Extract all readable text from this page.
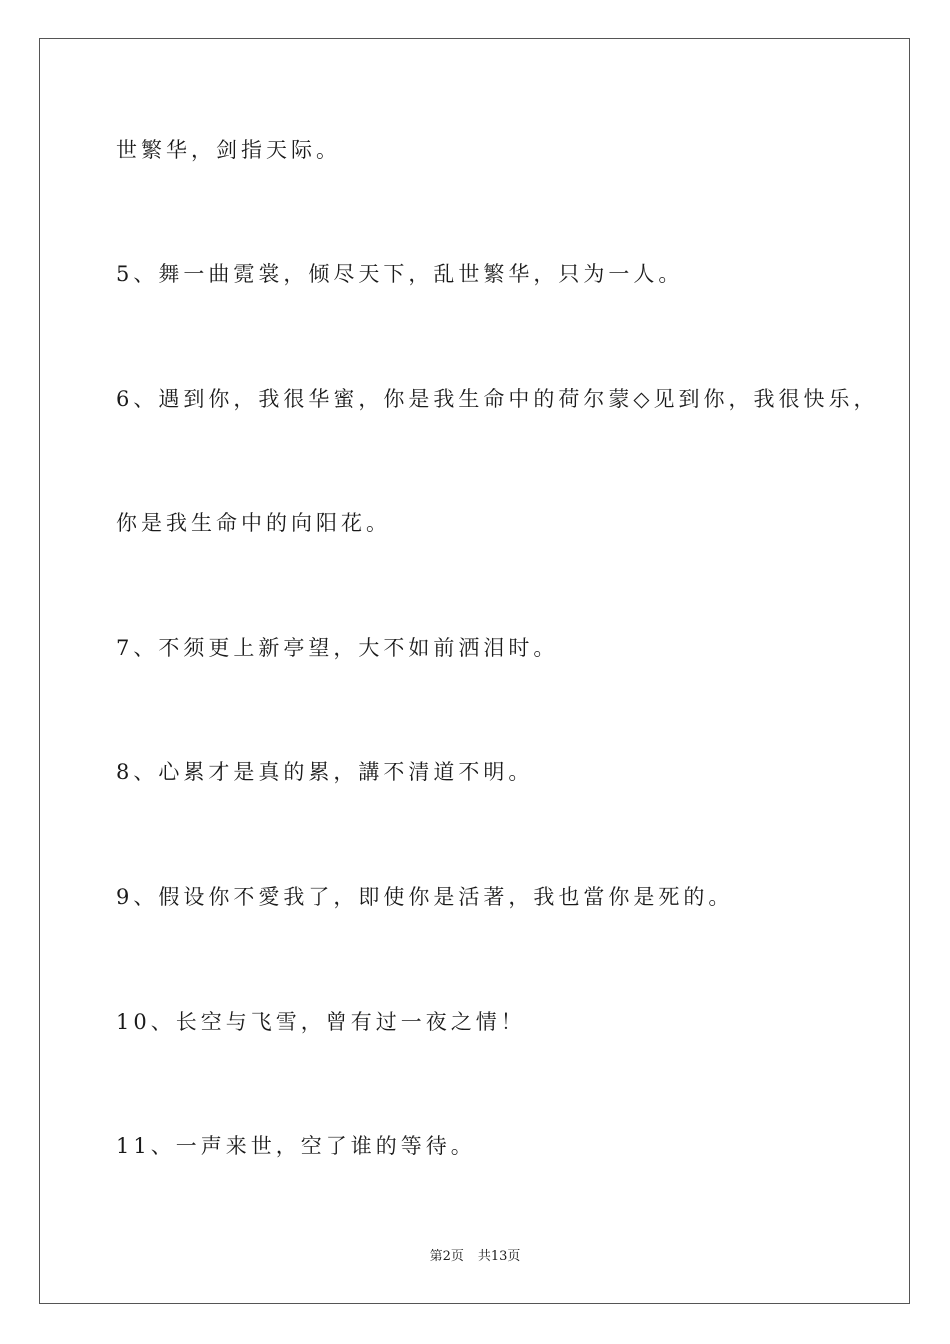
世繁华，剑指天际。
5、舞一曲霓裳，倾尽天下，乱世繁华，只为一人。
6、遇到你，我很华蜜，你是我生命中的荷尔蒙◇见到你，我很快乐，
你是我生命中的向阳花。
7、不须更上新亭望，大不如前洒泪时。
8、心累才是真的累，講不清道不明。
9、假设你不愛我了，即使你是活著，我也當你是死的。
10、长空与飞雪，曾有过一夜之情！
11、一声来世，空了谁的等待。
第2页 共13页
